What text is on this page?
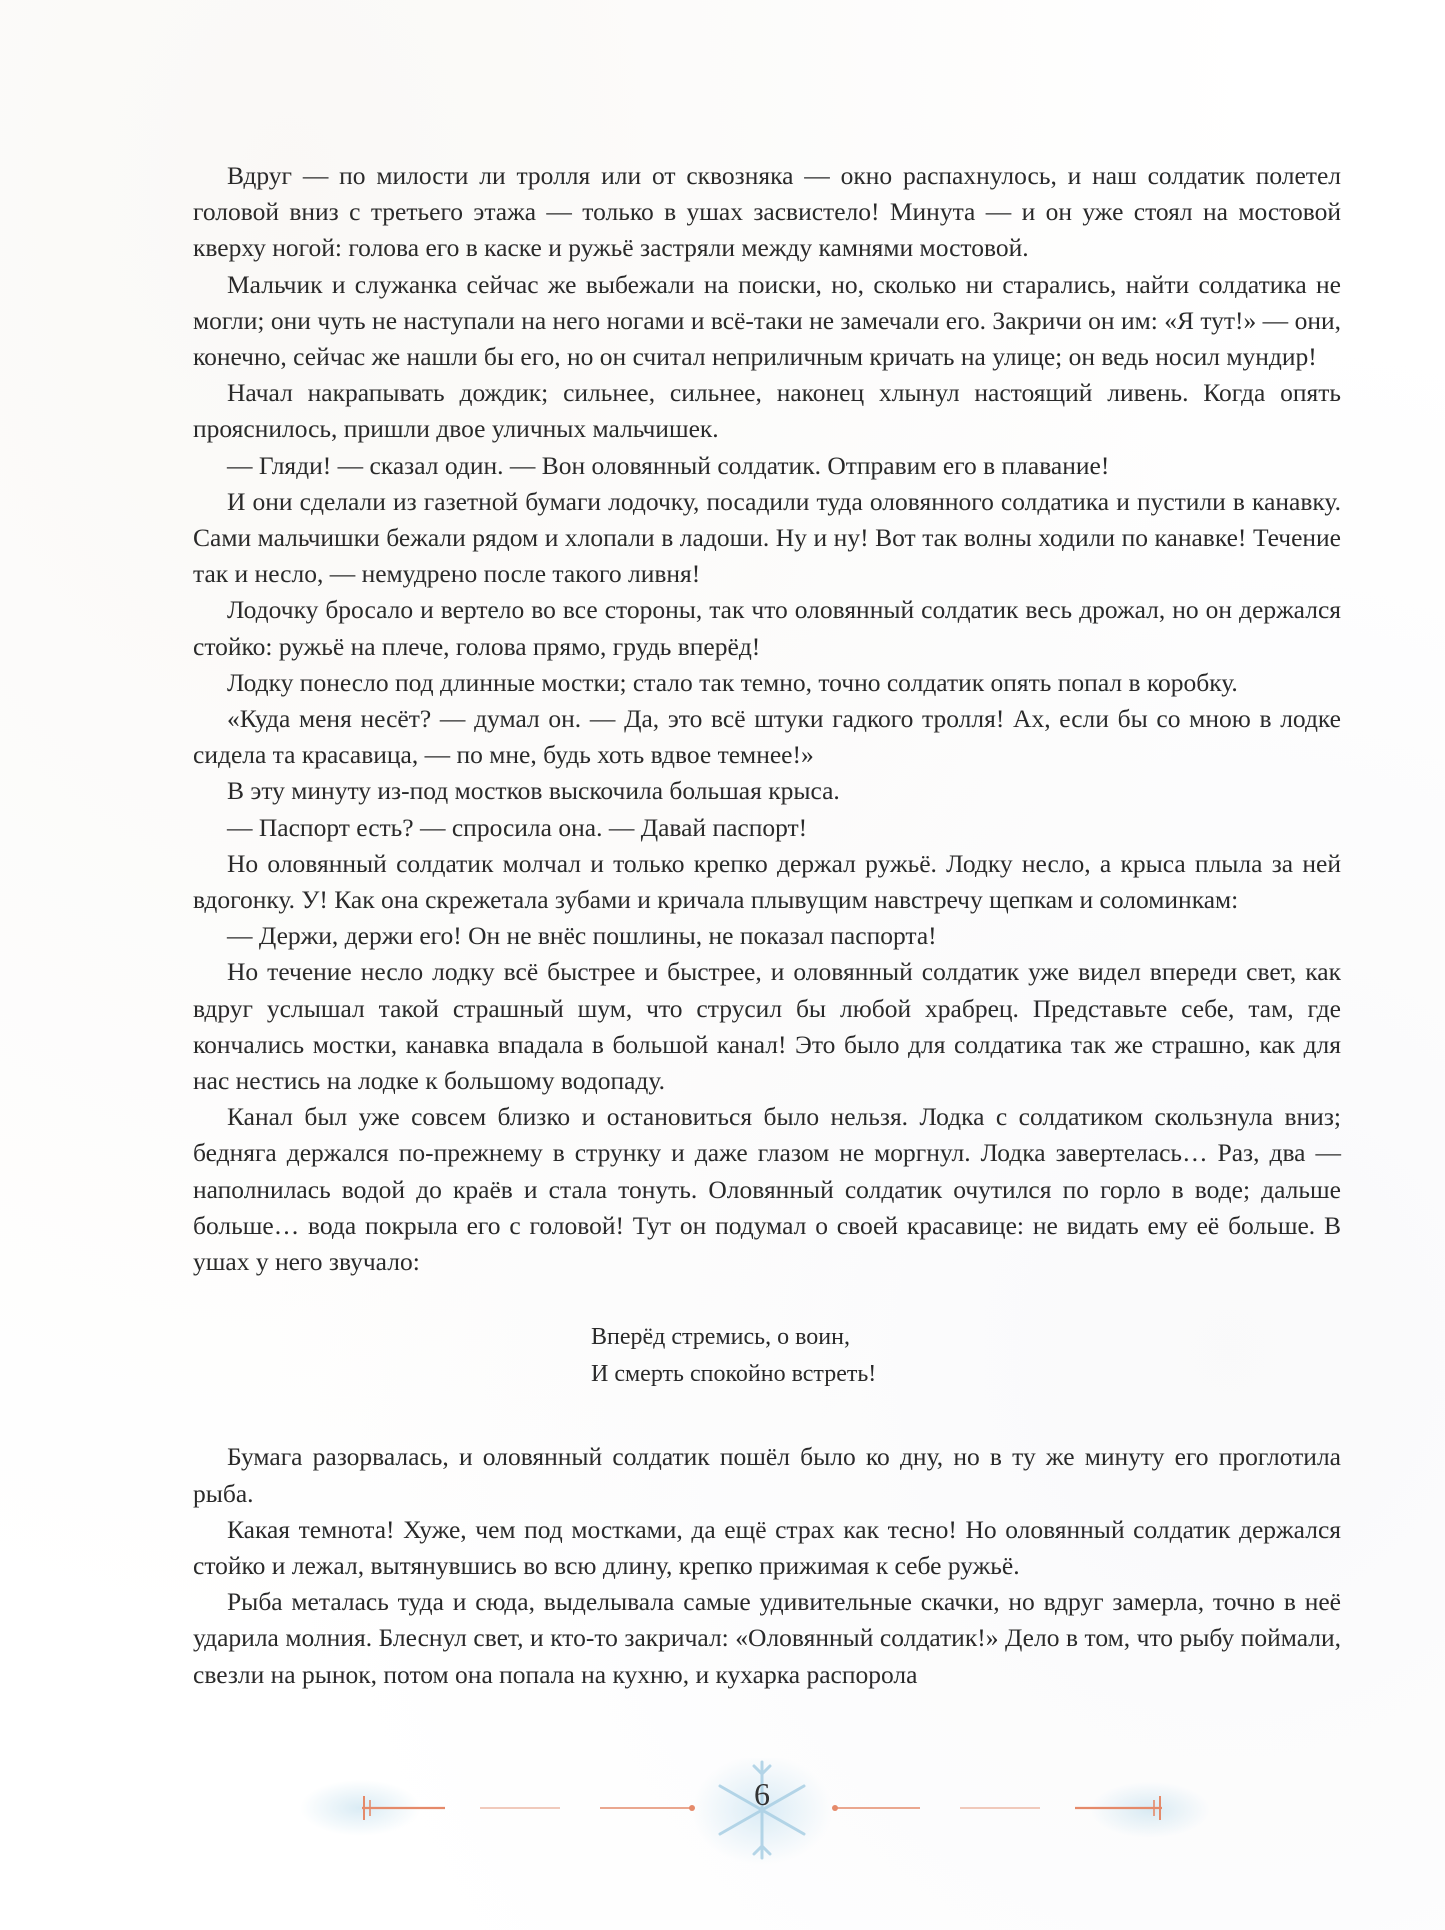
Вдруг — по милости ли тролля или от сквозняка — окно распахнулось, и наш солдатик полетел головой вниз с третьего этажа — только в ушах засвистело! Минута — и он уже стоял на мостовой кверху ногой: голова его в каске и ружьё застряли между камнями мостовой.

Мальчик и служанка сейчас же выбежали на поиски, но, сколько ни старались, найти солдатика не могли; они чуть не наступали на него ногами и всё-таки не замечали его. Закричи он им: «Я тут!» — они, конечно, сейчас же нашли бы его, но он считал неприличным кричать на улице; он ведь носил мундир!

Начал накрапывать дождик; сильнее, сильнее, наконец хлынул настоящий ливень. Когда опять прояснилось, пришли двое уличных мальчишек.

— Гляди! — сказал один. — Вон оловянный солдатик. Отправим его в плавание!

И они сделали из газетной бумаги лодочку, посадили туда оловянного солдатика и пустили в канавку. Сами мальчишки бежали рядом и хлопали в ладоши. Ну и ну! Вот так волны ходили по канавке! Течение так и несло, — немудрено после такого ливня!

Лодочку бросало и вертело во все стороны, так что оловянный солдатик весь дрожал, но он держался стойко: ружьё на плече, голова прямо, грудь вперёд!

Лодку понесло под длинные мостки; стало так темно, точно солдатик опять попал в коробку.

«Куда меня несёт? — думал он. — Да, это всё штуки гадкого тролля! Ах, если бы со мною в лодке сидела та красавица, — по мне, будь хоть вдвое темнее!»

В эту минуту из-под мостков выскочила большая крыса.

— Паспорт есть? — спросила она. — Давай паспорт!

Но оловянный солдатик молчал и только крепко держал ружьё. Лодку несло, а крыса плыла за ней вдогонку. У! Как она скрежетала зубами и кричала плывущим навстречу щепкам и соломинкам:

— Держи, держи его! Он не внёс пошлины, не показал паспорта!

Но течение несло лодку всё быстрее и быстрее, и оловянный солдатик уже видел впереди свет, как вдруг услышал такой страшный шум, что струсил бы любой храбрец. Представьте себе, там, где кончались мостки, канавка впадала в большой канал! Это было для солдатика так же страшно, как для нас нестись на лодке к большому водопаду.

Канал был уже совсем близко и остановиться было нельзя. Лодка с солдатиком скользнула вниз; бедняга держался по-прежнему в струнку и даже глазом не моргнул. Лодка завертелась… Раз, два — наполнилась водой до краёв и стала тонуть. Оловянный солдатик очутился по горло в воде; дальше больше… вода покрыла его с головой! Тут он подумал о своей красавице: не видать ему её больше. В ушах у него звучало:

Вперёд стремись, о воин,
И смерть спокойно встреть!

Бумага разорвалась, и оловянный солдатик пошёл было ко дну, но в ту же минуту его проглотила рыба.

Какая темнота! Хуже, чем под мостками, да ещё страх как тесно! Но оловянный солдатик держался стойко и лежал, вытянувшись во всю длину, крепко прижимая к себе ружьё.

Рыба металась туда и сюда, выделывала самые удивительные скачки, но вдруг замерла, точно в неё ударила молния. Блеснул свет, и кто-то закричал: «Оловянный солдатик!» Дело в том, что рыбу поймали, свезли на рынок, потом она попала на кухню, и кухарка распорола

6
